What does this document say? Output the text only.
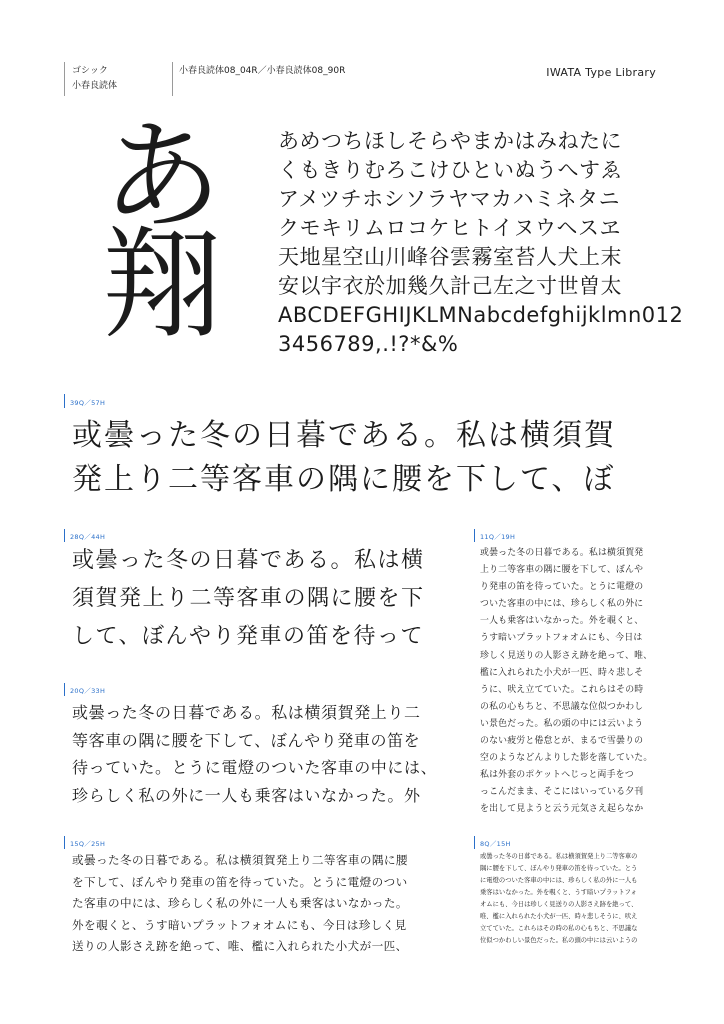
ゴシック
小春良読体
小春良読体08_04R／小春良読体08_90R	IWATA Type Library
あ
翔
あめつちほしそらやまかはみねたに
くもきりむろこけひといぬうへすゑ
アメツチホシソラヤマカハミネタニ
クモキリムロコケヒトイヌウヘスヱ
天地星空山川峰谷雲霧室苔人犬上末
安以宇衣於加幾久計己左之寸世曽太
ABCDEFGHIJKLMNabcdefghijklmn012
3456789,.!?*&%
39Q／57H
或曇った冬の日暮である。私は横須賀
発上り二等客車の隅に腰を下して、ぼ
28Q／44H
或曇った冬の日暮である。私は横
須賀発上り二等客車の隅に腰を下
して、ぼんやり発車の笛を待って
20Q／33H
或曇った冬の日暮である。私は横須賀発上り二
等客車の隅に腰を下して、ぼんやり発車の笛を
待っていた。とうに電燈のついた客車の中には、
珍らしく私の外に一人も乗客はいなかった。外
15Q／25H
或曇った冬の日暮である。私は横須賀発上り二等客車の隅に腰
を下して、ぼんやり発車の笛を待っていた。とうに電燈のつい
た客車の中には、珍らしく私の外に一人も乗客はいなかった。
外を覗くと、うす暗いプラットフォオムにも、今日は珍しく見
送りの人影さえ跡を絶って、唯、檻に入れられた小犬が一匹、
11Q／19H
或曇った冬の日暮である。私は横須賀発
上り二等客車の隅に腰を下して、ぼんや
り発車の笛を待っていた。とうに電燈の
ついた客車の中には、珍らしく私の外に
一人も乗客はいなかった。外を覗くと、
うす暗いプラットフォオムにも、今日は
珍しく見送りの人影さえ跡を絶って、唯、
檻に入れられた小犬が一匹、時々悲しそ
うに、吠え立てていた。これらはその時
の私の心もちと、不思議な位似つかわし
い景色だった。私の頭の中には云いよう
のない疲労と倦怠とが、まるで雪曇りの
空のようなどんよりした影を落していた。
私は外套のポケットへじっと両手をつ
っこんだまま、そこにはいっている夕刊
を出して見ようと云う元気さえ起らなか
8Q／15H
或曇った冬の日暮である。私は横須賀発上り二等客車の
隅に腰を下して、ぼんやり発車の笛を待っていた。とう
に電燈のついた客車の中には、珍らしく私の外に一人も
乗客はいなかった。外を覗くと、うす暗いプラットフォ
オムにも、今日は珍しく見送りの人影さえ跡を絶って、
唯、檻に入れられた小犬が一匹、時々悲しそうに、吠え
立てていた。これらはその時の私の心もちと、不思議な
位似つかわしい景色だった。私の頭の中には云いようの
